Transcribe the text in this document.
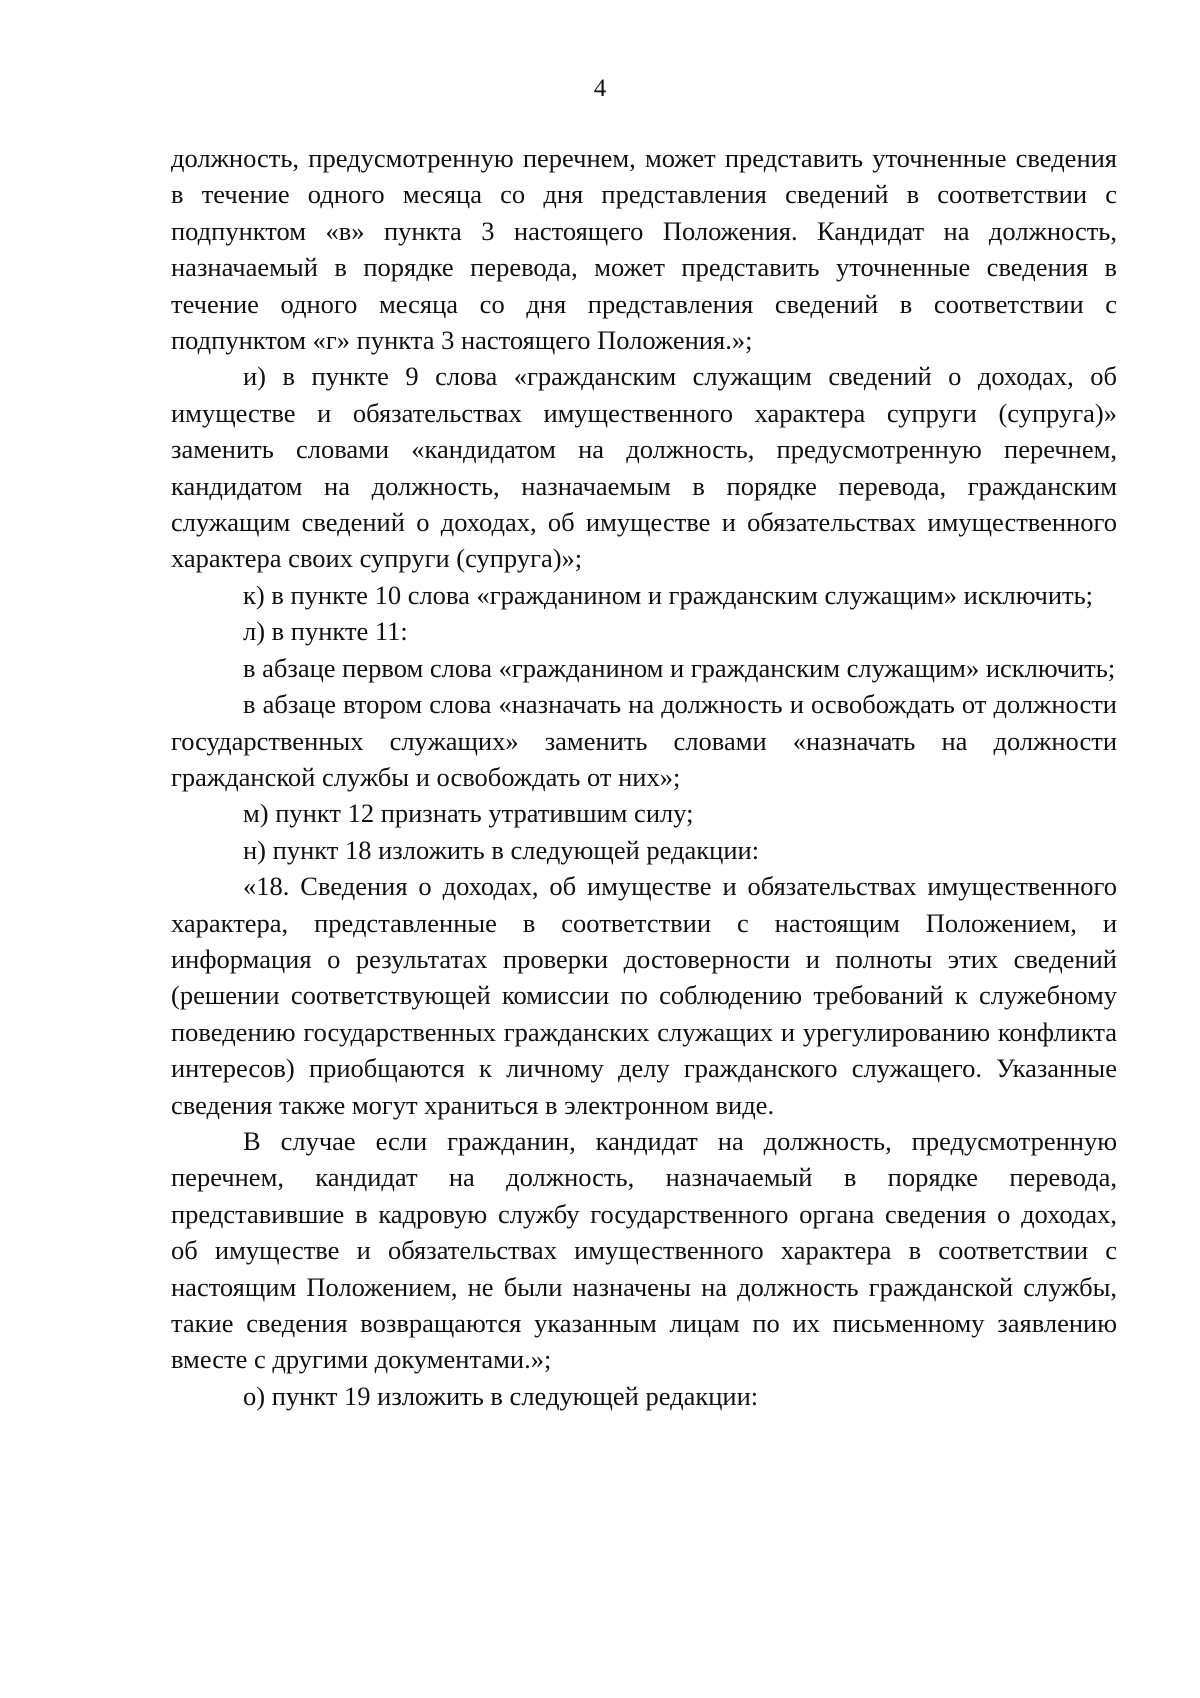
4

должность, предусмотренную перечнем, может представить уточненные сведения в течение одного месяца со дня представления сведений в соответствии с подпунктом «в» пункта 3 настоящего Положения. Кандидат на должность, назначаемый в порядке перевода, может представить уточненные сведения в течение одного месяца со дня представления сведений в соответствии с подпунктом «г» пункта 3 настоящего Положения.»;

и) в пункте 9 слова «гражданским служащим сведений о доходах, об имуществе и обязательствах имущественного характера супруги (супруга)» заменить словами «кандидатом на должность, предусмотренную перечнем, кандидатом на должность, назначаемым в порядке перевода, гражданским служащим сведений о доходах, об имуществе и обязательствах имущественного характера своих супруги (супруга)»;

к) в пункте 10 слова «гражданином и гражданским служащим» исключить;

л) в пункте 11:

в абзаце первом слова «гражданином и гражданским служащим» исключить;

в абзаце втором слова «назначать на должность и освобождать от должности государственных служащих» заменить словами «назначать на должности гражданской службы и освобождать от них»;

м) пункт 12 признать утратившим силу;

н) пункт 18 изложить в следующей редакции:

«18. Сведения о доходах, об имуществе и обязательствах имущественного характера, представленные в соответствии с настоящим Положением, и информация о результатах проверки достоверности и полноты этих сведений (решении соответствующей комиссии по соблюдению требований к служебному поведению государственных гражданских служащих и урегулированию конфликта интересов) приобщаются к личному делу гражданского служащего. Указанные сведения также могут храниться в электронном виде.

В случае если гражданин, кандидат на должность, предусмотренную перечнем, кандидат на должность, назначаемый в порядке перевода, представившие в кадровую службу государственного органа сведения о доходах, об имуществе и обязательствах имущественного характера в соответствии с настоящим Положением, не были назначены на должность гражданской службы, такие сведения возвращаются указанным лицам по их письменному заявлению вместе с другими документами.»;

о) пункт 19 изложить в следующей редакции:
